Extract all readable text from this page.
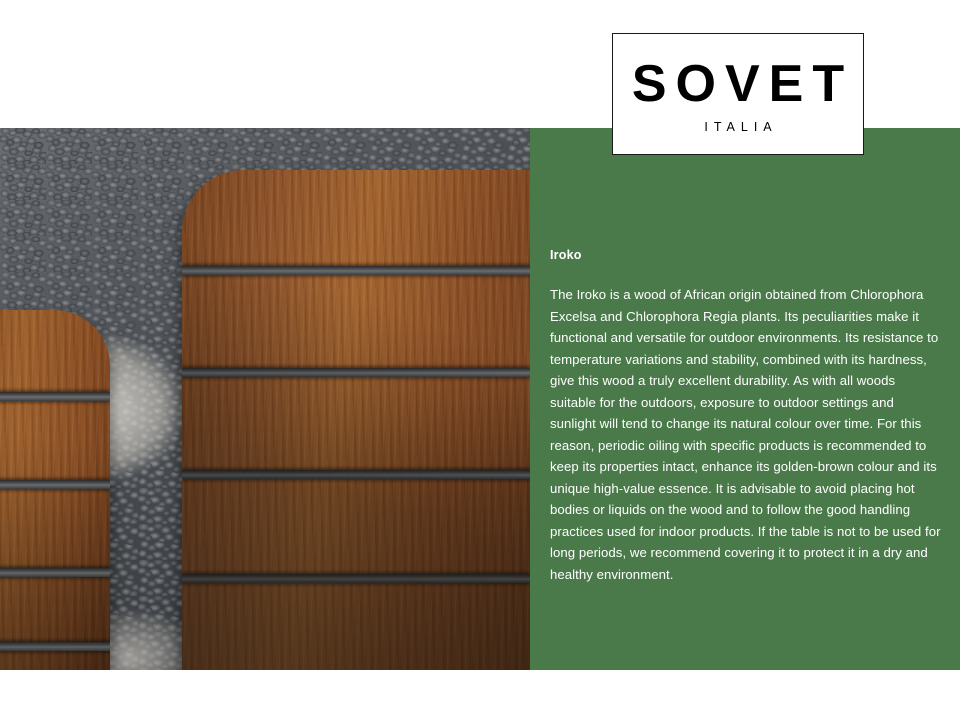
Iroko

The Iroko is a wood of African origin obtained from Chlorophora Excelsa and Chlorophora Regia plants. Its peculiarities make it functional and versatile for outdoor environments. Its resistance to temperature variations and stability, combined with its hardness, give this wood a truly excellent durability. As with all woods suitable for the outdoors, exposure to outdoor settings and sunlight will tend to change its natural colour over time. For this reason, periodic oiling with specific products is recommended to keep its properties intact, enhance its golden-brown colour and its unique high-value essence. It is advisable to avoid placing hot bodies or liquids on the wood and to follow the good handling practices used for indoor products. If the table is not to be used for long periods, we recommend covering it to protect it in a dry and healthy environment.

SOVET
ITALIA
